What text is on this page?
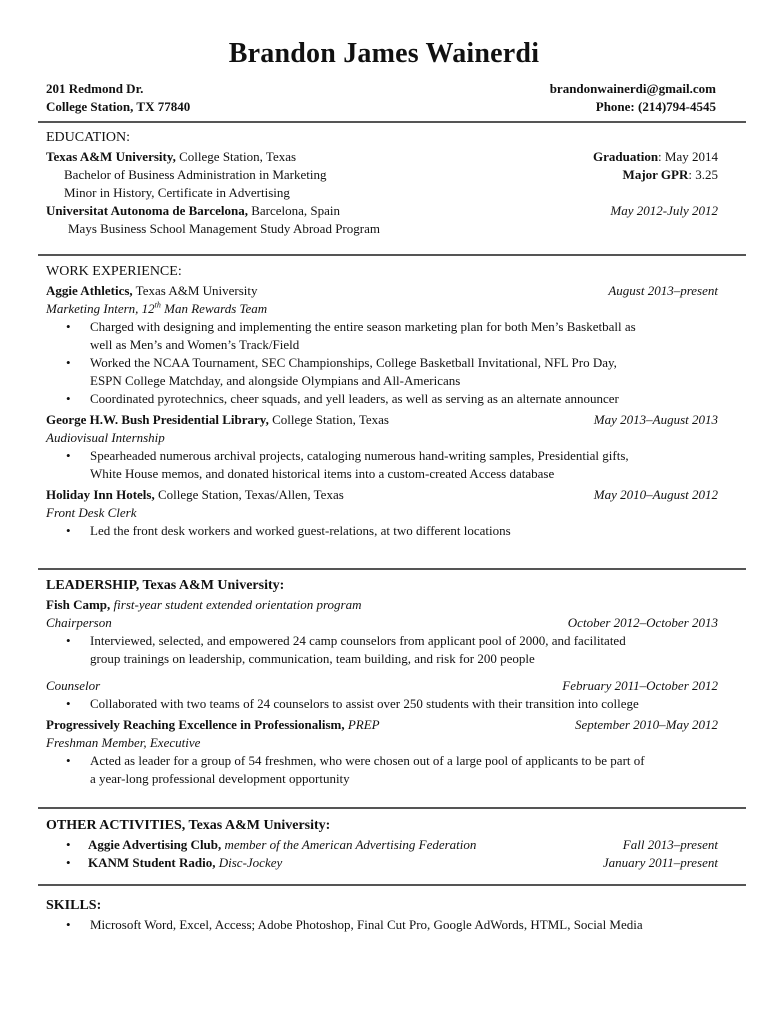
Brandon James Wainerdi
201 Redmond Dr.	brandonwainerdi@gmail.com
College Station, TX 77840	Phone: (214)794-4545
EDUCATION:
Texas A&M University, College Station, Texas	Graduation: May 2014
Bachelor of Business Administration in Marketing	Major GPR: 3.25
Minor in History, Certificate in Advertising
Universitat Autonoma de Barcelona, Barcelona, Spain	May 2012-July 2012
Mays Business School Management Study Abroad Program
WORK EXPERIENCE:
Aggie Athletics, Texas A&M University	August 2013–present
Marketing Intern, 12th Man Rewards Team
• Charged with designing and implementing the entire season marketing plan for both Men’s Basketball as
well as Men’s and Women’s Track/Field
• Worked the NCAA Tournament, SEC Championships, College Basketball Invitational, NFL Pro Day,
ESPN College Matchday, and alongside Olympians and All-Americans
• Coordinated pyrotechnics, cheer squads, and yell leaders, as well as serving as an alternate announcer
George H.W. Bush Presidential Library, College Station, Texas	May 2013–August 2013
Audiovisual Internship
• Spearheaded numerous archival projects, cataloging numerous hand-writing samples, Presidential gifts,
White House memos, and donated historical items into a custom-created Access database
Holiday Inn Hotels, College Station, Texas/Allen, Texas	May 2010–August 2012
Front Desk Clerk
• Led the front desk workers and worked guest-relations, at two different locations
LEADERSHIP, Texas A&M University:
Fish Camp, first-year student extended orientation program
Chairperson	October 2012–October 2013
• Interviewed, selected, and empowered 24 camp counselors from applicant pool of 2000, and facilitated
group trainings on leadership, communication, team building, and risk for 200 people
Counselor	February 2011–October 2012
• Collaborated with two teams of 24 counselors to assist over 250 students with their transition into college
Progressively Reaching Excellence in Professionalism, PREP	September 2010–May 2012
Freshman Member, Executive
• Acted as leader for a group of 54 freshmen, who were chosen out of a large pool of applicants to be part of
a year-long professional development opportunity
OTHER ACTIVITIES, Texas A&M University:
• Aggie Advertising Club, member of the American Advertising Federation	Fall 2013–present
• KANM Student Radio, Disc-Jockey	January 2011–present
SKILLS:
• Microsoft Word, Excel, Access; Adobe Photoshop, Final Cut Pro, Google AdWords, HTML, Social Media
